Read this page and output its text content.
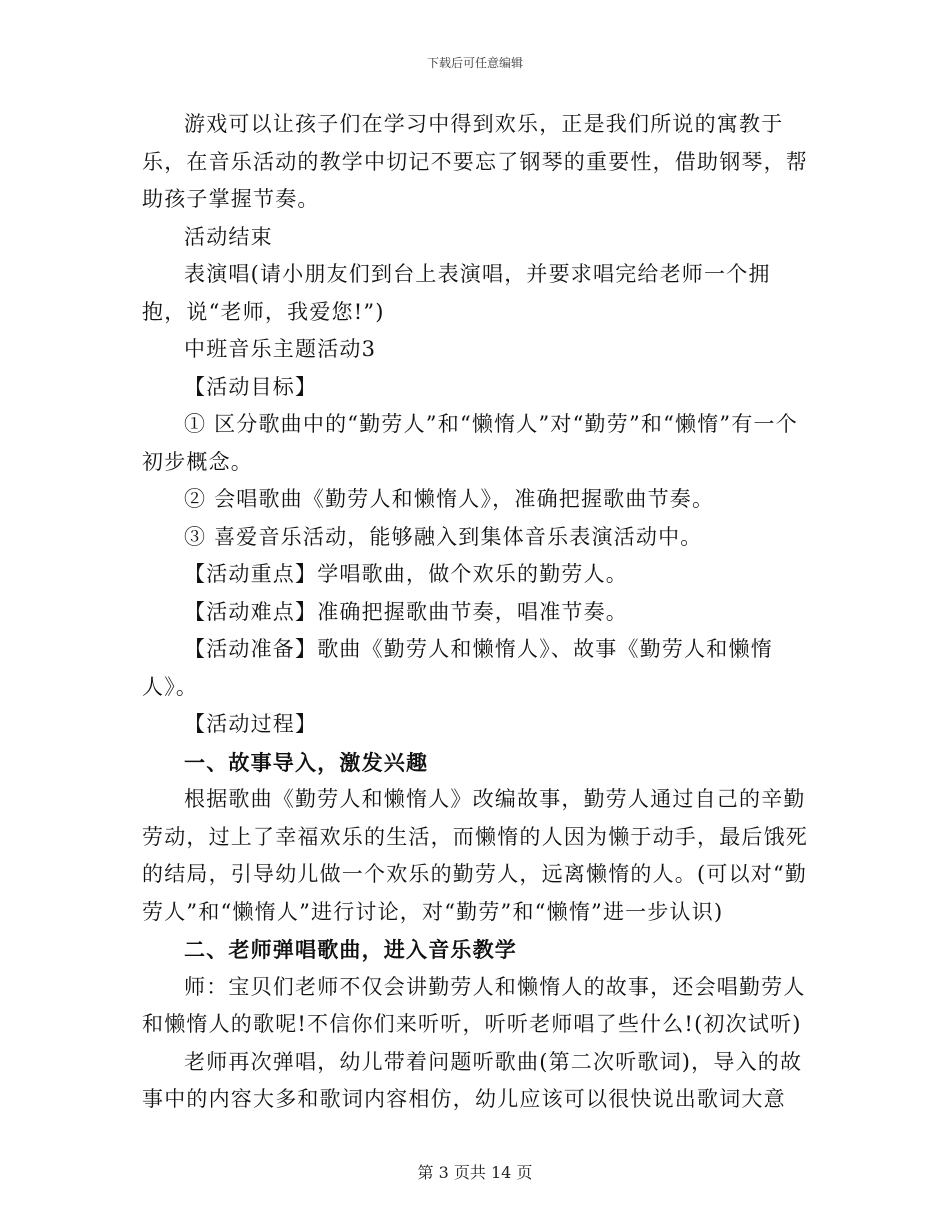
下载后可任意编辑

游戏可以让孩子们在学习中得到欢乐，正是我们所说的寓教于乐，在音乐活动的教学中切记不要忘了钢琴的重要性，借助钢琴，帮助孩子掌握节奏。

活动结束

表演唱(请小朋友们到台上表演唱，并要求唱完给老师一个拥抱，说“老师，我爱您!”)

中班音乐主题活动3

【活动目标】

① 区分歌曲中的“勤劳人”和“懒惰人”对“勤劳”和“懒惰”有一个初步概念。

② 会唱歌曲《勤劳人和懒惰人》，准确把握歌曲节奏。

③ 喜爱音乐活动，能够融入到集体音乐表演活动中。

【活动重点】学唱歌曲，做个欢乐的勤劳人。

【活动难点】准确把握歌曲节奏，唱准节奏。

【活动准备】歌曲《勤劳人和懒惰人》、故事《勤劳人和懒惰人》。

【活动过程】

一、故事导入，激发兴趣

根据歌曲《勤劳人和懒惰人》改编故事，勤劳人通过自己的辛勤劳动，过上了幸福欢乐的生活，而懒惰的人因为懒于动手，最后饿死的结局，引导幼儿做一个欢乐的勤劳人，远离懒惰的人。(可以对“勤劳人”和“懒惰人”进行讨论，对“勤劳”和“懒惰”进一步认识)

二、老师弹唱歌曲，进入音乐教学

师：宝贝们老师不仅会讲勤劳人和懒惰人的故事，还会唱勤劳人和懒惰人的歌呢!不信你们来听听，听听老师唱了些什么!(初次试听)

老师再次弹唱，幼儿带着问题听歌曲(第二次听歌词)，导入的故事中的内容大多和歌词内容相仿，幼儿应该可以很快说出歌词大意

第 3 页共 14 页
